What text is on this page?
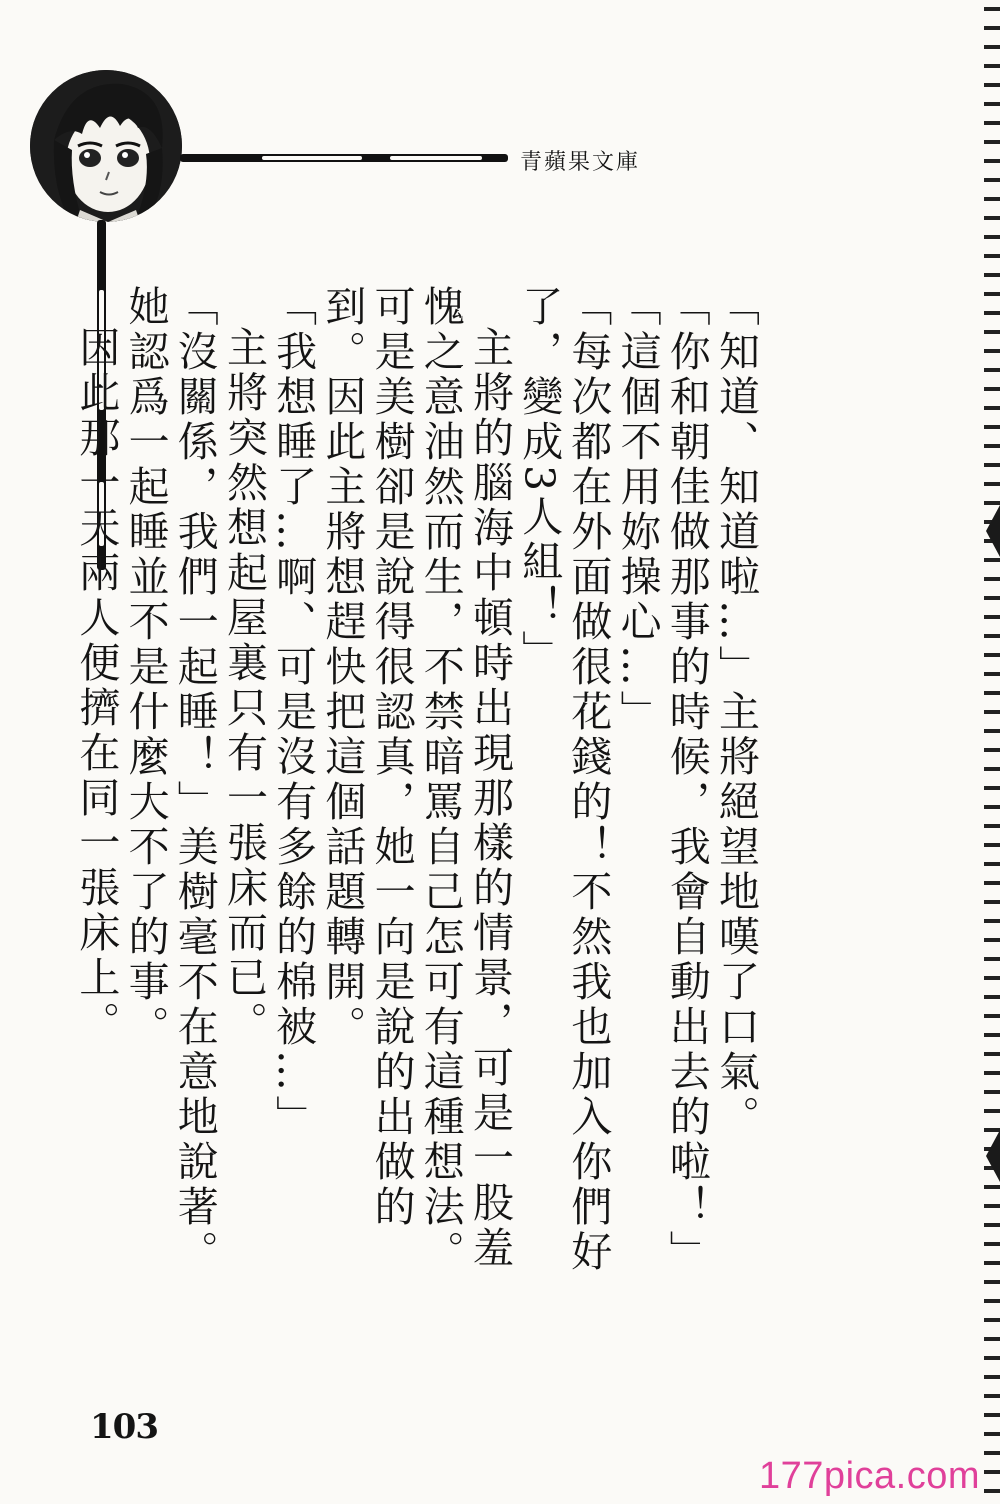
青蘋果文庫

「知道、知道啦…」主將絕望地嘆了口氣。

「你和朝佳做那事的時候，我會自動出去的啦！」

「這個不用妳操心…」

「每次都在外面做很花錢的！不然我也加入你們好了，變成3人組！」

主將的腦海中頓時出現那樣的情景，可是一股羞愧之意油然而生，不禁暗罵自己怎可有這種想法。可是美樹卻是說得很認真，她一向是說的出做的到。因此主將想趕快把這個話題轉開。

「我想睡了…啊、可是沒有多餘的棉被…」

主將突然想起屋裏只有一張床而已。

「沒關係，我們一起睡！」美樹毫不在意地說著。她認爲一起睡並不是什麼大不了的事。

因此那一天兩人便擠在同一張床上。

103
177pica.com
